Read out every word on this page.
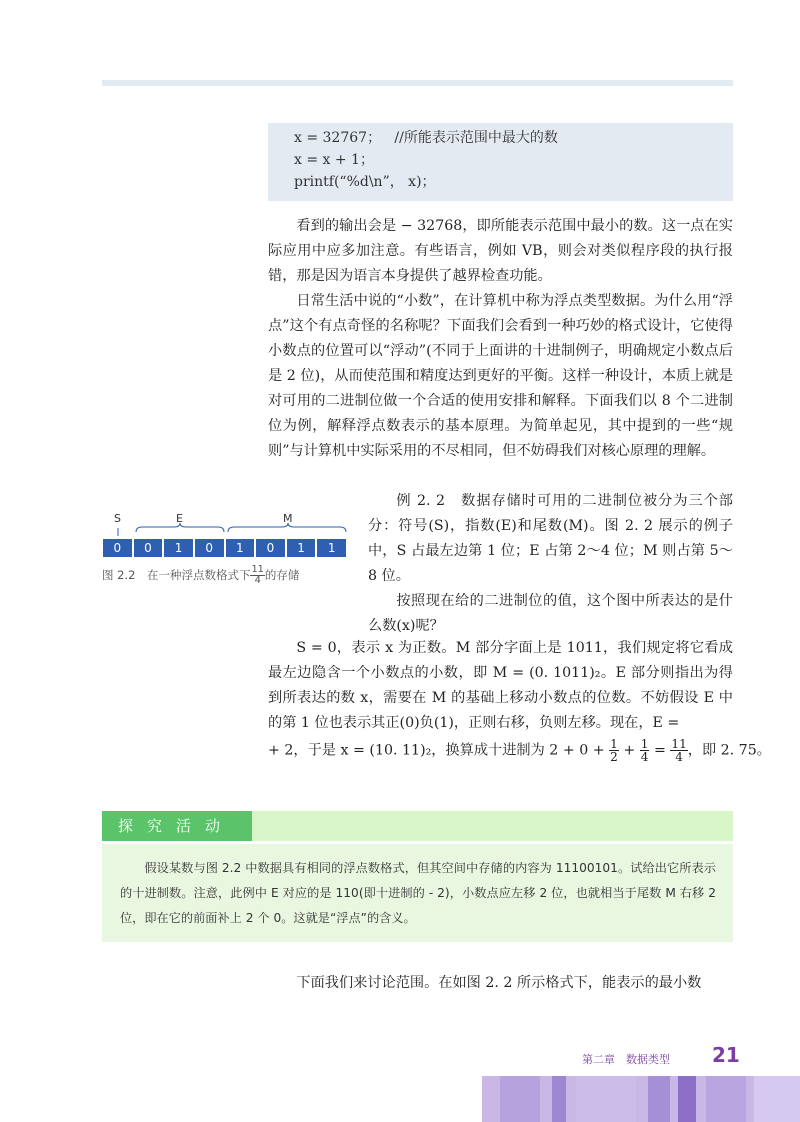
x = 32767；   //所能表示范围中最大的数
x = x + 1；
printf(“%d\n”， x)；

看到的输出会是 − 32768，即所能表示范围中最小的数。这一点在实际应用中应多加注意。有些语言，例如 VB，则会对类似程序段的执行报错，那是因为语言本身提供了越界检查功能。

日常生活中说的“小数”，在计算机中称为浮点类型数据。为什么用“浮点”这个有点奇怪的名称呢？下面我们会看到一种巧妙的格式设计，它使得小数点的位置可以“浮动”(不同于上面讲的十进制例子，明确规定小数点后是 2 位)，从而使范围和精度达到更好的平衡。这样一种设计，本质上就是对可用的二进制位做一个合适的使用安排和解释。下面我们以 8 个二进制位为例，解释浮点数表示的基本原理。为简单起见，其中提到的一些“规则”与计算机中实际采用的不尽相同，但不妨碍我们对核心原理的理解。

S	E	M
0	0	1	0	1	0	1	1
图 2.2　在一种浮点数格式下 $\frac{11}{4}$ 的存储

例 2. 2　数据存储时可用的二进制位被分为三个部分：符号(S)，指数(E)和尾数(M)。图 2. 2 展示的例子中，S 占最左边第 1 位；E 占第 2～4 位；M 则占第 5～8 位。

按照现在给的二进制位的值，这个图中所表达的是什么数(x)呢？

S = 0，表示 x 为正数。M 部分字面上是 1011，我们规定将它看成最左边隐含一个小数点的小数，即 M = (0. 1011)₂。E 部分则指出为得到所表达的数 x，需要在 M 的基础上移动小数点的位数。不妨假设 E 中的第 1 位也表示其正(0)负(1)，正则右移，负则左移。现在，E =

+ 2，于是 x = (10. 11)₂，换算成十进制为 $2 + 0 + \frac{1}{2} + \frac{1}{4} = \frac{11}{4}$ ，即 2. 75。
探究活动

假设某数与图 2.2 中数据具有相同的浮点数格式，但其空间中存储的内容为 11100101。试给出它所表示的十进制数。注意，此例中 E 对应的是 110(即十进制的 - 2)，小数点应左移 2 位，也就相当于尾数 M 右移 2 位，即在它的前面补上 2 个 0。这就是“浮点”的含义。

下面我们来讨论范围。在如图 2. 2 所示格式下，能表示的最小数

第二章　数据类型 21
